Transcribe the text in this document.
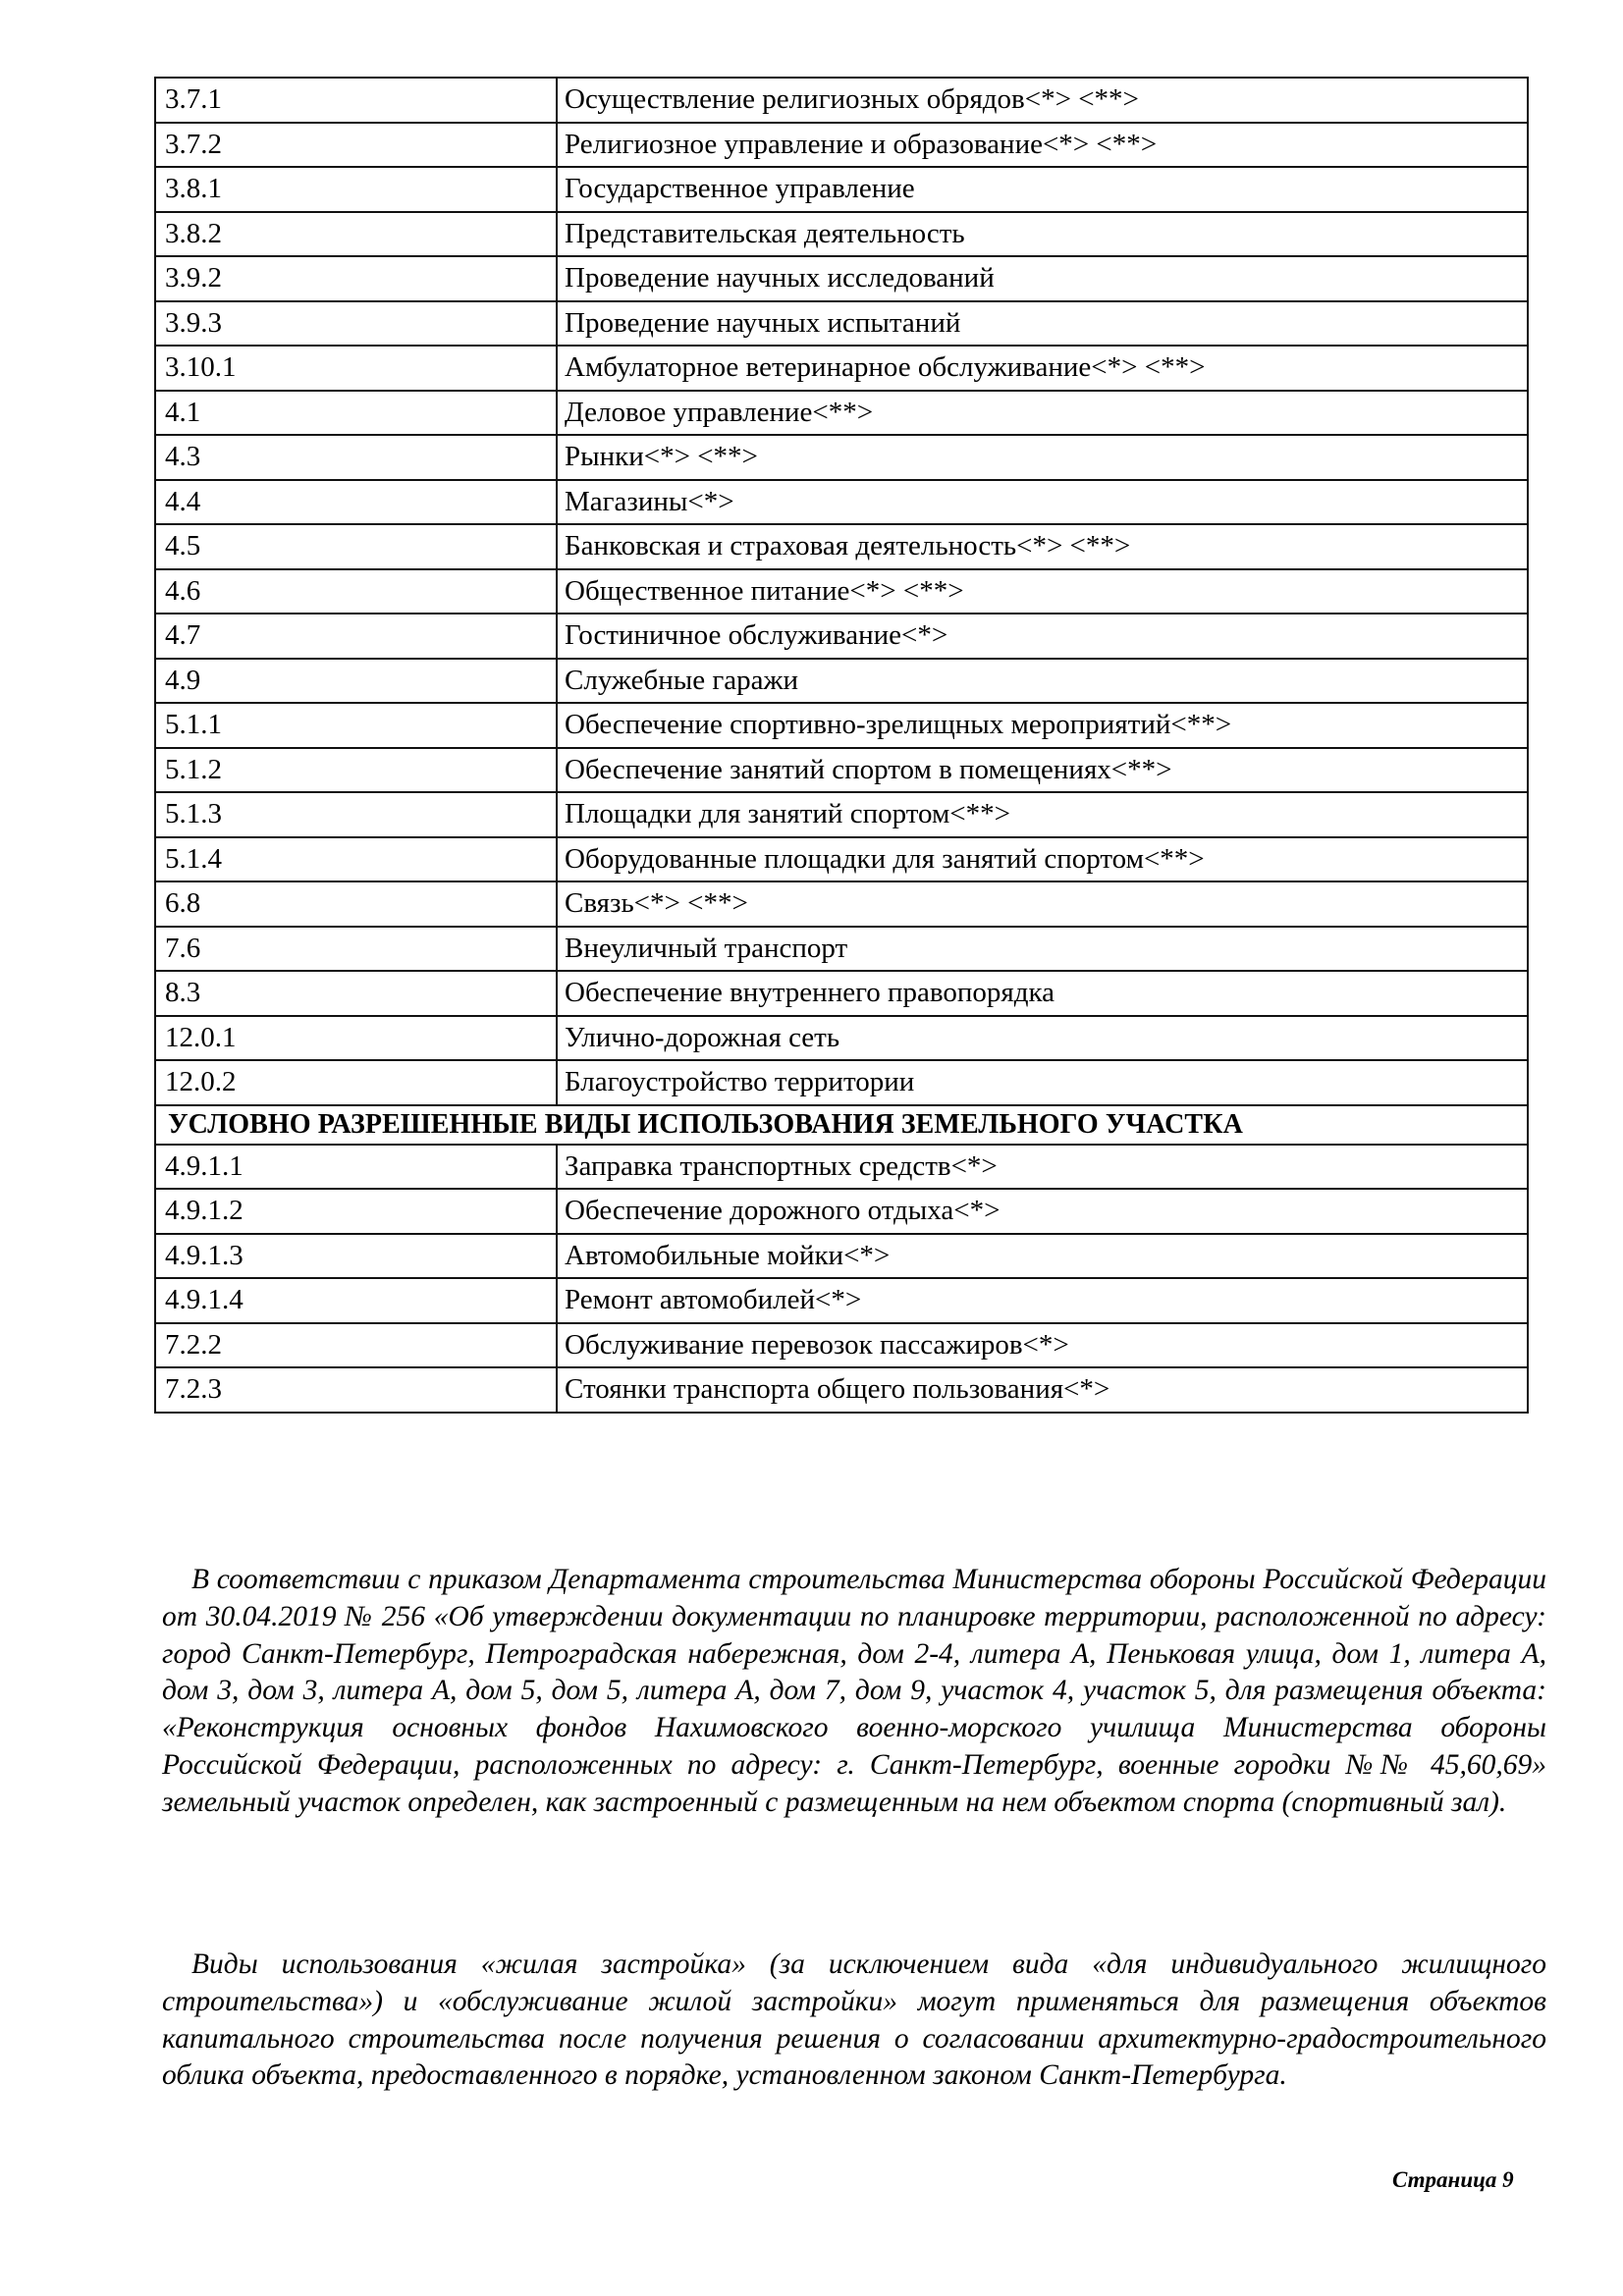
3.7.1	Осуществление религиозных обрядов<*> <**>
3.7.2	Религиозное управление и образование<*> <**>
3.8.1	Государственное управление
3.8.2	Представительская деятельность
3.9.2	Проведение научных исследований
3.9.3	Проведение научных испытаний
3.10.1	Амбулаторное ветеринарное обслуживание<*> <**>
4.1	Деловое управление<**>
4.3	Рынки<*> <**>
4.4	Магазины<*>
4.5	Банковская и страховая деятельность<*> <**>
4.6	Общественное питание<*> <**>
4.7	Гостиничное обслуживание<*>
4.9	Служебные гаражи
5.1.1	Обеспечение спортивно-зрелищных мероприятий<**>
5.1.2	Обеспечение занятий спортом в помещениях<**>
5.1.3	Площадки для занятий спортом<**>
5.1.4	Оборудованные площадки для занятий спортом<**>
6.8	Связь<*> <**>
7.6	Внеуличный транспорт
8.3	Обеспечение внутреннего правопорядка
12.0.1	Улично-дорожная сеть
12.0.2	Благоустройство территории
УСЛОВНО РАЗРЕШЕННЫЕ ВИДЫ ИСПОЛЬЗОВАНИЯ ЗЕМЕЛЬНОГО УЧАСТКА	
4.9.1.1	Заправка транспортных средств<*>
4.9.1.2	Обеспечение дорожного отдыха<*>
4.9.1.3	Автомобильные мойки<*>
4.9.1.4	Ремонт автомобилей<*>
7.2.2	Обслуживание перевозок пассажиров<*>
7.2.3	Стоянки транспорта общего пользования<*>

В соответствии с приказом Департамента строительства Министерства обороны Российской Федерации от 30.04.2019 № 256 «Об утверждении документации по планировке территории, расположенной по адресу: город Санкт-Петербург, Петроградская набережная, дом 2-4, литера А, Пеньковая улица, дом 1, литера А, дом 3, дом 3, литера А, дом 5, дом 5, литера А, дом 7, дом 9, участок 4, участок 5, для размещения объекта: «Реконструкция основных фондов Нахимовского военно-морского училища Министерства обороны Российской Федерации, расположенных по адресу: г. Санкт-Петербург, военные городки №№ 45,60,69» земельный участок определен, как застроенный с размещенным на нем объектом спорта (спортивный зал).

Виды использования «жилая застройка» (за исключением вида «для индивидуального жилищного строительства») и «обслуживание жилой застройки» могут применяться для размещения объектов капитального строительства после получения решения о согласовании архитектурно-градостроительного облика объекта, предоставленного в порядке, установленном законом Санкт-Петербурга.

Страница 9
